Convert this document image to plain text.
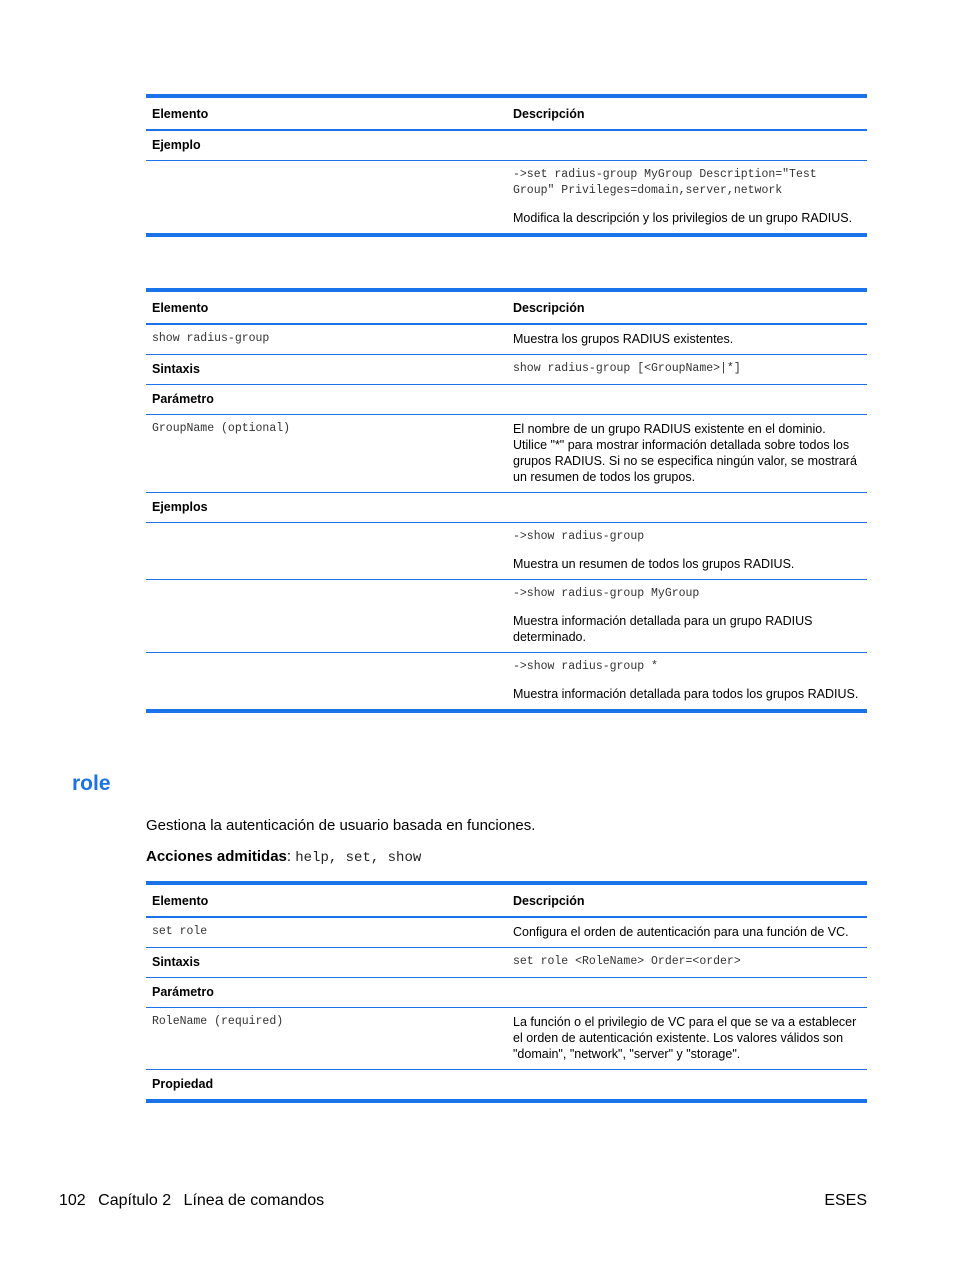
Elemento	Descripción
Ejemplo	

	->set radius-group MyGroup Description="Test Group" Privileges=domain,server,network

Modifica la descripción y los privilegios de un grupo RADIUS.

Elemento	Descripción
show radius-group	Muestra los grupos RADIUS existentes.
Sintaxis	show radius-group [<GroupName>|*]
Parámetro	
GroupName (optional)	El nombre de un grupo RADIUS existente en el dominio. Utilice "*" para mostrar información detallada sobre todos los grupos RADIUS. Si no se especifica ningún valor, se mostrará un resumen de todos los grupos.
Ejemplos	

	->show radius-group

Muestra un resumen de todos los grupos RADIUS.

	->show radius-group MyGroup

Muestra información detallada para un grupo RADIUS determinado.

	->show radius-group *

Muestra información detallada para todos los grupos RADIUS.

role

Gestiona la autenticación de usuario basada en funciones.

Acciones admitidas: help, set, show

Elemento	Descripción
set role	Configura el orden de autenticación para una función de VC.
Sintaxis	set role <RoleName> Order=<order>
Parámetro	
RoleName (required)	La función o el privilegio de VC para el que se va a establecer el orden de autenticación existente. Los valores válidos son "domain", "network", "server" y "storage".
Propiedad	
102 Capítulo 2 Línea de comandos	ESES
